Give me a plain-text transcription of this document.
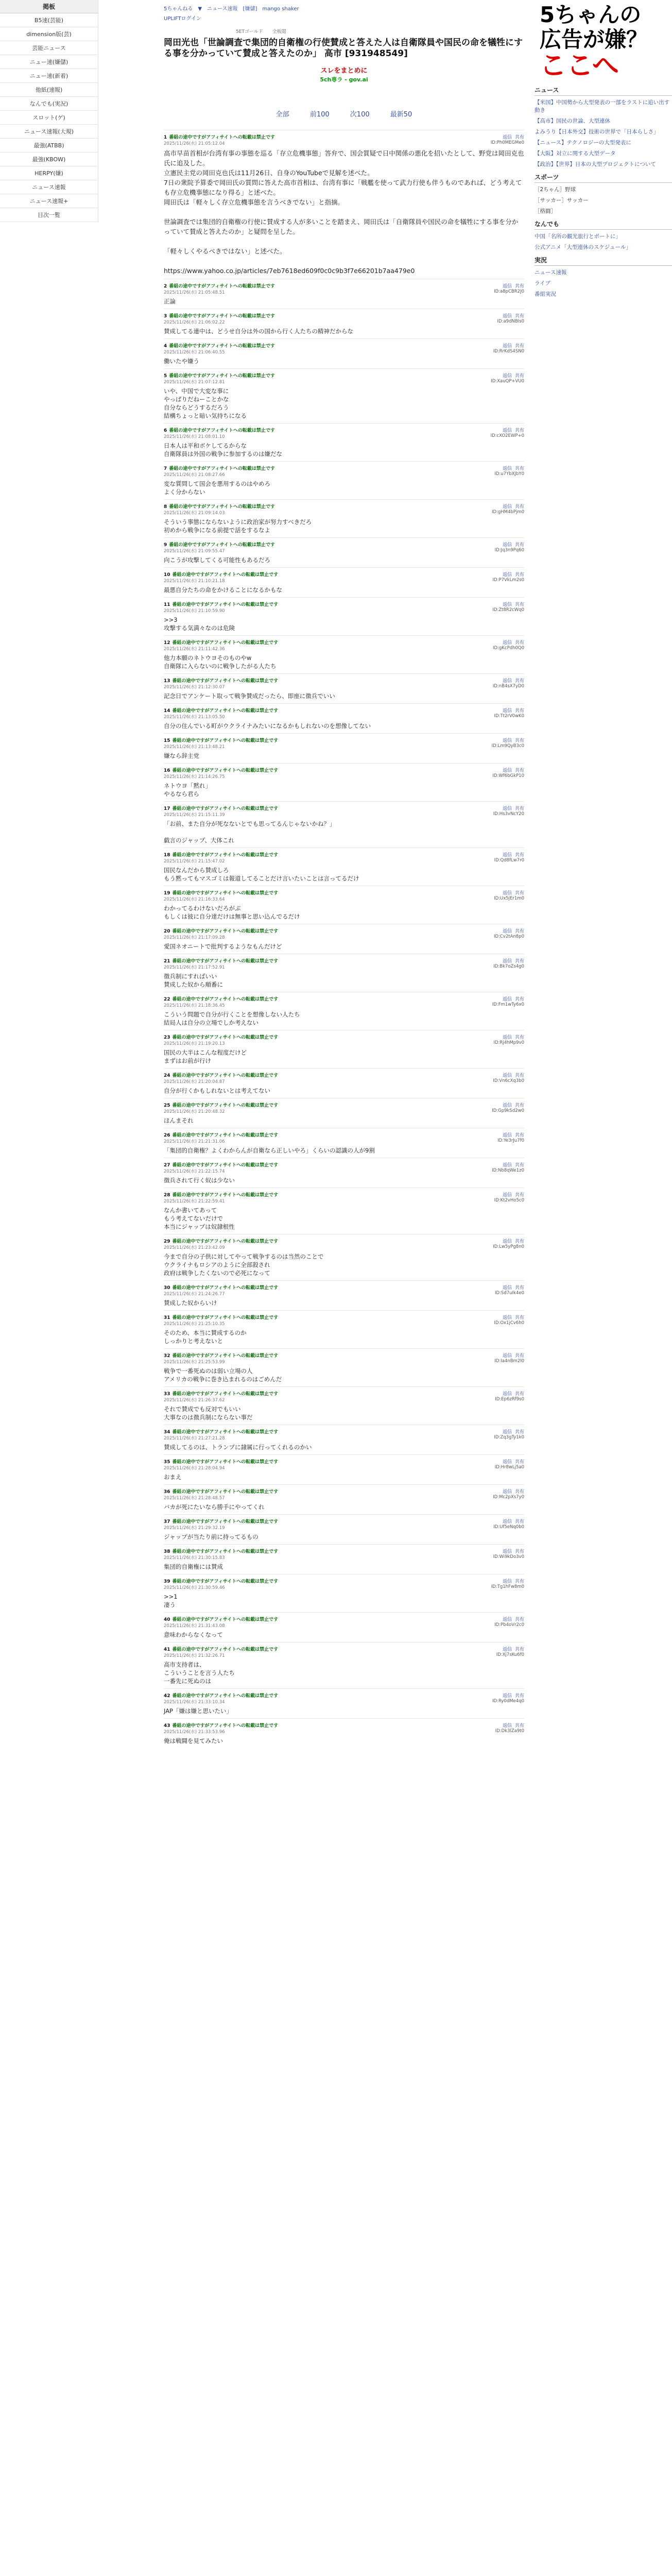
掲板
B5速(芸能)
dimension版(芸)
芸能ニュース
ニュー速(嫌儲)
ニュー速(新着)
他紙(速報)
なんでも(実況)
スロット(ゲ)
ニュース速報(大規)
最強(ATBB)
最強(KBOW)
HERPY(嫌)
ニュース速報
ニュース速報+
目次一覧
5ちゃんねる　▼　ニュース速報　[嫌儲]　mango shaker
UPLIFTログイン
5ETゴールド　　全板閲
岡田光也「世論調査で集団的自衛権の行使賛成と答えた人は自衛隊員や国民の命を犠牲にする事を分かっていて賛成と答えたのか」 高市 [931948549]
スレをまとめに
5ch専ラ - gov.ai
全部	前100	次100	最新50
1 番組の途中ですがアフィサイトへの転載は禁止です
2025/11/26(水) 21:05:12.04
返信 共有
ID:Ph0MEGMe0
高市早苗首相が台湾有事の事態を巡る「存立危機事態」答弁で、国会質疑で日中関係の悪化を招いたとして、野党は岡田克也氏に追及した。
立憲民主党の岡田克也氏は11月26日、自身のYouTubeで見解を述べた。
7日の衆院予算委で岡田氏の質問に答えた高市首相は、台湾有事に「戦艦を使って武力行使も伴うものであれば、どう考えても存立危機事態になり得る」と述べた。
岡田氏は「軽々しく存立危機事態を言うべきでない」と指摘。

世論調査では集団的自衛権の行使に賛成する人が多いことを踏まえ、岡田氏は「自衛隊員や国民の命を犠牲にする事を分かっていて賛成と答えたのか」と疑問を呈した。

「軽々しくやるべきではない」と述べた。

https://www.yahoo.co.jp/articles/7eb7618ed609f0c0c9b3f7e66201b7aa479e0
2 番組の途中ですがアフィサイトへの転載は禁止です
2025/11/26(水) 21:05:48.51
返信 共有
ID:a8pCBR2J0
正論
3 番組の途中ですがアフィサイトへの転載は禁止です
2025/11/26(水) 21:06:02.22
返信 共有
ID:a9dNBIs0
賛成してる連中は、どうせ自分は外の国から行く人たちの精神だからな
4 番組の途中ですがアフィサイトへの転載は禁止です
2025/11/26(水) 21:06:40.55
返信 共有
ID:RrKdS4SN0
働いたや嫌う
5 番組の途中ですがアフィサイトへの転載は禁止です
2025/11/26(水) 21:07:12.81
返信 共有
ID:XauQP+VU0
いや、中国で大変な事に
やっぱりだねーことかな
自分ならどうするだろう
結構ちょっと暗い気持ちになる
6 番組の途中ですがアフィサイトへの転載は禁止です
2025/11/26(水) 21:08:01.10
返信 共有
ID:cXO2EWP+0
日本人は平和ボケしてるからな
自衛隊員は外国の戦争に参加するのは嫌だな
7 番組の途中ですがアフィサイトへの転載は禁止です
2025/11/26(水) 21:08:27.66
返信 共有
ID:u7YbXJbY0
変な質問して国会を悪用するのはやめろ
よく分からない
8 番組の途中ですがアフィサイトへの転載は禁止です
2025/11/26(水) 21:09:14.03
返信 共有
ID:gHM4bPjm0
そういう事態にならないように政治家が努力すべきだろ
初めから戦争になる前提で話をするなよ
9 番組の途中ですがアフィサイトへの転載は禁止です
2025/11/26(水) 21:09:55.47
返信 共有
ID:Jq3n9Pq60
向こうが攻撃してくる可能性もあるだろ
10 番組の途中ですがアフィサイトへの転載は禁止です
2025/11/26(水) 21:10:21.18
返信 共有
ID:P7VkLm2s0
最悪自分たちの命をかけることになるかもな
11 番組の途中ですがアフィサイトへの転載は禁止です
2025/11/26(水) 21:10:59.90
返信 共有
ID:Zt8R2cWq0
>>3
攻撃する気満々なのは危険
12 番組の途中ですがアフィサイトへの転載は禁止です
2025/11/26(水) 21:11:42.36
返信 共有
ID:gKcPdh0Q0
他力本願のネトウヨそのものやw
自衛隊に入らないのに戦争したがる人たち
13 番組の途中ですがアフィサイトへの転載は禁止です
2025/11/26(水) 21:12:30.07
返信 共有
ID:nB4sX7yD0
記念日でアンケート取って戦争賛成だったら、即座に徴兵でいい
14 番組の途中ですがアフィサイトへの転載は禁止です
2025/11/26(水) 21:13:05.50
返信 共有
ID:Tt2rV0wK0
自分の住んでいる町がウクライナみたいになるかもしれないのを想像してない
15 番組の途中ですがアフィサイトへの転載は禁止です
2025/11/26(水) 21:13:48.21
返信 共有
ID:Lm9QyB3c0
嫌なら辞主党
16 番組の途中ですがアフィサイトへの転載は禁止です
2025/11/26(水) 21:14:26.75
返信 共有
ID:Wf6bGkP10
ネトウヨ「黙れ」
やるなら君ら
17 番組の途中ですがアフィサイトへの転載は禁止です
2025/11/26(水) 21:15:11.39
返信 共有
ID:Hs3vNcY20
「お前、また自分が死なないとでも思ってるんじゃないかね？」

戯言のジャップ、大体これ
18 番組の途中ですがアフィサイトへの転載は禁止です
2025/11/26(水) 21:15:47.02
返信 共有
ID:Qd8fLw7r0
国民なんだから賛成しろ
もう黙ってもマスゴミは報道してることだけ言いたいことは言ってるだけ
19 番組の途中ですがアフィサイトへの転載は禁止です
2025/11/26(水) 21:16:33.64
返信 共有
ID:Ux5jEr1m0
わかってるわけないだろがぶ
もしくは彼に自分達だけは無事と思い込んでるだけ
20 番組の途中ですがアフィサイトへの転載は禁止です
2025/11/26(水) 21:17:09.28
返信 共有
ID:Cv2tAn8p0
愛国ネオニートで批判するようなもんだけど
21 番組の途中ですがアフィサイトへの転載は禁止です
2025/11/26(水) 21:17:52.91
返信 共有
ID:Bk7oZs4g0
徴兵制にすればいい
賛成した奴から順番に
22 番組の途中ですがアフィサイトへの転載は禁止です
2025/11/26(水) 21:18:36.45
返信 共有
ID:Fm1wTy6x0
こういう問題で自分が行くことを想像しない人たち
結局人は自分の立場でしか考えない
23 番組の途中ですがアフィサイトへの転載は禁止です
2025/11/26(水) 21:19:20.13
返信 共有
ID:Rj4hMp9v0
国民の大半はこんな程度だけど
まずはお前が行け
24 番組の途中ですがアフィサイトへの転載は禁止です
2025/11/26(水) 21:20:04.87
返信 共有
ID:Vn6cXq3b0
自分が行くかもしれないとは考えてない
25 番組の途中ですがアフィサイトへの転載は禁止です
2025/11/26(水) 21:20:48.32
返信 共有
ID:Gp9kSd2w0
ほんまそれ
26 番組の途中ですがアフィサイトへの転載は禁止です
2025/11/26(水) 21:21:31.06
返信 共有
ID:Ye3rJu7f0
「集団的自衛権？よくわからんが自衛なら正しいやろ」くらいの認識の人が9割
27 番組の途中ですがアフィサイトへの転載は禁止です
2025/11/26(水) 21:22:15.74
返信 共有
ID:Nb8qWe1z0
徴兵されて行く奴は少ない
28 番組の途中ですがアフィサイトへの転載は禁止です
2025/11/26(水) 21:22:59.41
返信 共有
ID:Kt2vHo5c0
なんか書いてあって
もう考えてないだけで
本当にジャップは奴隷根性
29 番組の途中ですがアフィサイトへの転載は禁止です
2025/11/26(水) 21:23:42.09
返信 共有
ID:Lw5yPg8n0
今まで自分の子供に対してやって戦争するのは当然のことで
ウクライナもロシアのように全部殺され
政府は戦争したくないので必死になって
30 番組の途中ですがアフィサイトへの転載は禁止です
2025/11/26(水) 21:24:26.77
返信 共有
ID:Sd7uIk4e0
賛成した奴からいけ
31 番組の途中ですがアフィサイトへの転載は禁止です
2025/11/26(水) 21:25:10.35
返信 共有
ID:Ox1jCv6h0
そのため、本当に賛成するのか
しっかりと考えないと
32 番組の途中ですがアフィサイトへの転載は禁止です
2025/11/26(水) 21:25:53.99
返信 共有
ID:Ia4nBm2l0
戦争で一番死ぬのは弱い立場の人
アメリカの戦争に巻き込まれるのはごめんだ
33 番組の途中ですがアフィサイトへの転載は禁止です
2025/11/26(水) 21:26:37.62
返信 共有
ID:Ep6zRf9s0
それで賛成でも反対でもいい
大事なのは徴兵制にならない事だ
34 番組の途中ですがアフィサイトへの転載は禁止です
2025/11/26(水) 21:27:21.28
返信 共有
ID:Zq3gTy1k0
賛成してるのは、トランプに隷属に行ってくれるのかい
35 番組の途中ですがアフィサイトへの転載は禁止です
2025/11/26(水) 21:28:04.94
返信 共有
ID:Hr8wLj5a0
おまえ
36 番組の途中ですがアフィサイトへの転載は禁止です
2025/11/26(水) 21:28:48.57
返信 共有
ID:Mc2pXs7y0
バカが死にたいなら勝手にやってくれ
37 番組の途中ですがアフィサイトへの転載は禁止です
2025/11/26(水) 21:29:32.19
返信 共有
ID:Uf5eNq0b0
ジャップが当たり前に持ってるもの
38 番組の途中ですがアフィサイトへの転載は禁止です
2025/11/26(水) 21:30:15.83
返信 共有
ID:Wi9kDo3v0
集団的自衛権には賛成
39 番組の途中ですがアフィサイトへの転載は禁止です
2025/11/26(水) 21:30:59.46
返信 共有
ID:Tg1hFw8m0
>>1
凄う
40 番組の途中ですがアフィサイトへの転載は禁止です
2025/11/26(水) 21:31:43.08
返信 共有
ID:Pb4oVr2c0
意味わからなくなって
41 番組の途中ですがアフィサイトへの転載は禁止です
2025/11/26(水) 21:32:26.71
返信 共有
ID:Xj7sKu6f0
高市支持者は、
こういうことを言う人たち
一番先に死ぬのは
42 番組の途中ですがアフィサイトへの転載は禁止です
2025/11/26(水) 21:33:10.34
返信 共有
ID:Ry0dMe4q0
JAP「嫌は嫌と思いたい」
43 番組の途中ですがアフィサイトへの転載は禁止です
2025/11/26(水) 21:33:53.96
返信 共有
ID:Dk3lZa9t0
俺は戦闘を見てみたい
5ちゃんの
広告が嫌？
ここへ
ニュース
【米国】中国勢から大型発表の一部をラストに追い出す動き
【高市】国民の世論、大型連休
よみうり【日本外交】技術の世界で「日本らしさ」
【ニュース】テクノロジーの大型発表に
【大阪】対立に関する大型データ
【政治】【世界】日本の大型プロジェクトについて
スポーツ
［2ちゃん］野球
［サッカー］サッカー
［格闘］
なんでも
中国「名所の観光旅行とポートに」
公式アニメ「大型連休のスケジュール」
実況
ニュース速報
ライブ
番組実況
